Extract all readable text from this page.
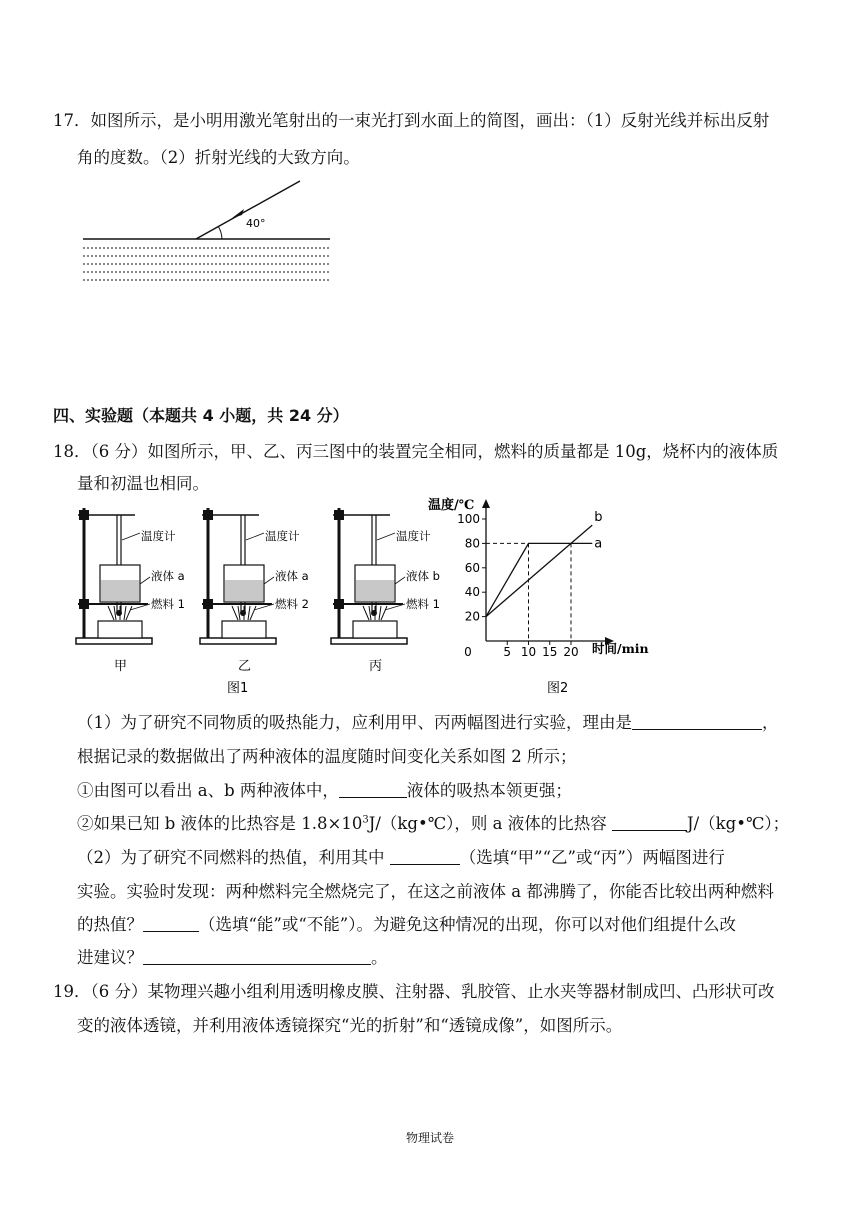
17．如图所示，是小明用激光笔射出的一束光打到水面上的简图，画出：（1）反射光线并标出反射
角的度数。（2）折射光线的大致方向。
40°
四、实验题（本题共 4 小题，共 24 分）
18．（6 分）如图所示，甲、乙、丙三图中的装置完全相同，燃料的质量都是 10g，烧杯内的液体质
量和初温也相同。
温度计
液体 a
燃料 1
甲
温度计
液体 a
燃料 2
乙
温度计
液体 b
燃料 1
丙
图1
温度/℃
时间/min
图2
20
40
60
80
100
0	5 10 15 20
a
b
（1）为了研究不同物质的吸热能力，应利用甲、丙两幅图进行实验，理由是	，
根据记录的数据做出了两种液体的温度随时间变化关系如图 2 所示；
①由图可以看出 a、b 两种液体中，	液体的吸热本领更强；
②如果已知 b 液体的比热容是 $1.8\times 10^3J/(kg•℃)$，则 a 液体的比热容	J/（kg•℃）；
（2）为了研究不同燃料的热值，利用其中	（选填“甲”“乙”或“丙”）两幅图进行
实验。实验时发现：两种燃料完全燃烧完了，在这之前液体 a 都沸腾了，你能否比较出两种燃料
的热值？	（选填“能”或“不能”）。为避免这种情况的出现，你可以对他们组提什么改
进建议？	。
19．（6 分）某物理兴趣小组利用透明橡皮膜、注射器、乳胶管、止水夹等器材制成凹、凸形状可改
变的液体透镜，并利用液体透镜探究“光的折射”和“透镜成像”，如图所示。
物理试卷
